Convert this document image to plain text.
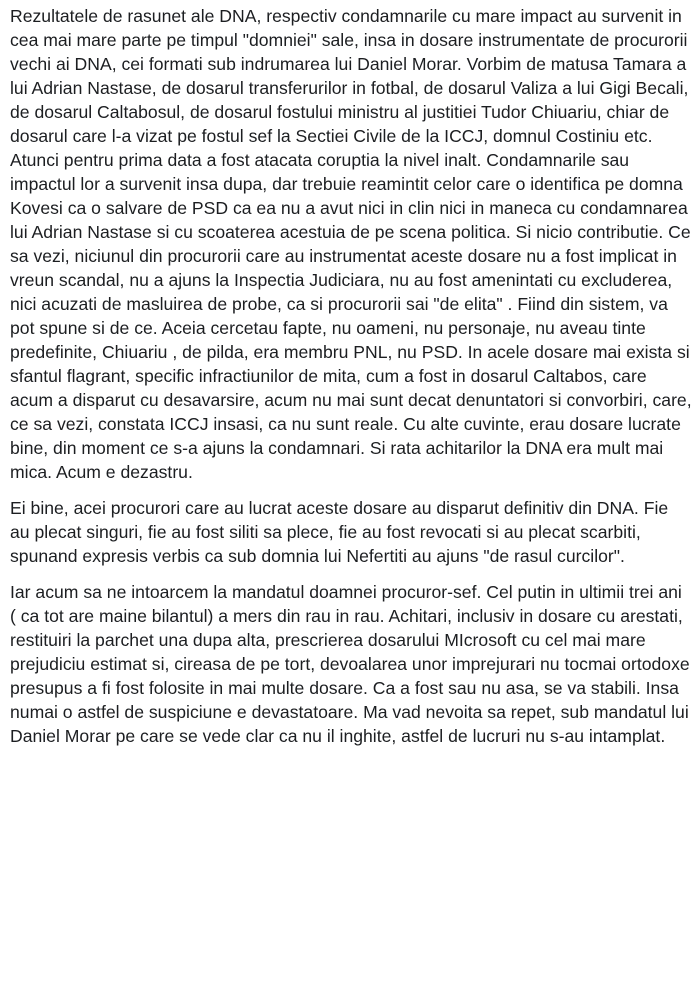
Rezultatele de rasunet ale DNA, respectiv condamnarile cu mare impact au survenit in cea mai mare parte pe timpul "domniei" sale, insa in dosare instrumentate de procurorii vechi ai DNA, cei formati sub indrumarea lui Daniel Morar. Vorbim de matusa Tamara a lui Adrian Nastase, de dosarul transferurilor in fotbal, de dosarul Valiza a lui Gigi Becali, de dosarul Caltabosul, de dosarul fostului ministru al justitiei Tudor Chiuariu, chiar de dosarul care l-a vizat pe fostul sef la Sectiei Civile de la ICCJ, domnul Costiniu etc. Atunci pentru prima data a fost atacata coruptia la nivel inalt. Condamnarile sau impactul lor a survenit insa dupa, dar trebuie reamintit celor care o identifica pe domna Kovesi ca o salvare de PSD ca ea nu a avut nici in clin nici in maneca cu condamnarea lui Adrian Nastase si cu scoaterea acestuia de pe scena politica. Si nicio contributie. Ce sa vezi, niciunul din procurorii care au instrumentat aceste dosare nu a fost implicat in vreun scandal, nu a ajuns la Inspectia Judiciara, nu au fost amenintati cu excluderea, nici acuzati de masluirea de probe, ca si procurorii sai "de elita" . Fiind din sistem, va pot spune si de ce. Aceia cercetau fapte, nu oameni, nu personaje, nu aveau tinte predefinite, Chiuariu , de pilda, era membru PNL, nu PSD. In acele dosare mai exista si sfantul flagrant, specific infractiunilor de mita, cum a fost in dosarul Caltabos, care acum a disparut cu desavarsire, acum nu mai sunt decat denuntatori si convorbiri, care, ce sa vezi, constata ICCJ insasi, ca nu sunt reale. Cu alte cuvinte, erau dosare lucrate bine, din moment ce s-a ajuns la condamnari. Si rata achitarilor la DNA era mult mai mica. Acum e dezastru.

Ei bine, acei procurori care au lucrat aceste dosare au disparut definitiv din DNA. Fie au plecat singuri, fie au fost siliti sa plece, fie au fost revocati si au plecat scarbiti, spunand expresis verbis ca sub domnia lui Nefertiti au ajuns "de rasul curcilor".

Iar acum sa ne intoarcem la mandatul doamnei procuror-sef. Cel putin in ultimii trei ani ( ca tot are maine bilantul) a mers din rau in rau. Achitari, inclusiv in dosare cu arestati, restituiri la parchet una dupa alta, prescrierea dosarului MIcrosoft cu cel mai mare prejudiciu estimat si, cireasa de pe tort, devoalarea unor imprejurari nu tocmai ortodoxe presupus a fi fost folosite in mai multe dosare. Ca a fost sau nu asa, se va stabili. Insa numai o astfel de suspiciune e devastatoare. Ma vad nevoita sa repet, sub mandatul lui Daniel Morar pe care se vede clar ca nu il inghite, astfel de lucruri nu s-au intamplat.
